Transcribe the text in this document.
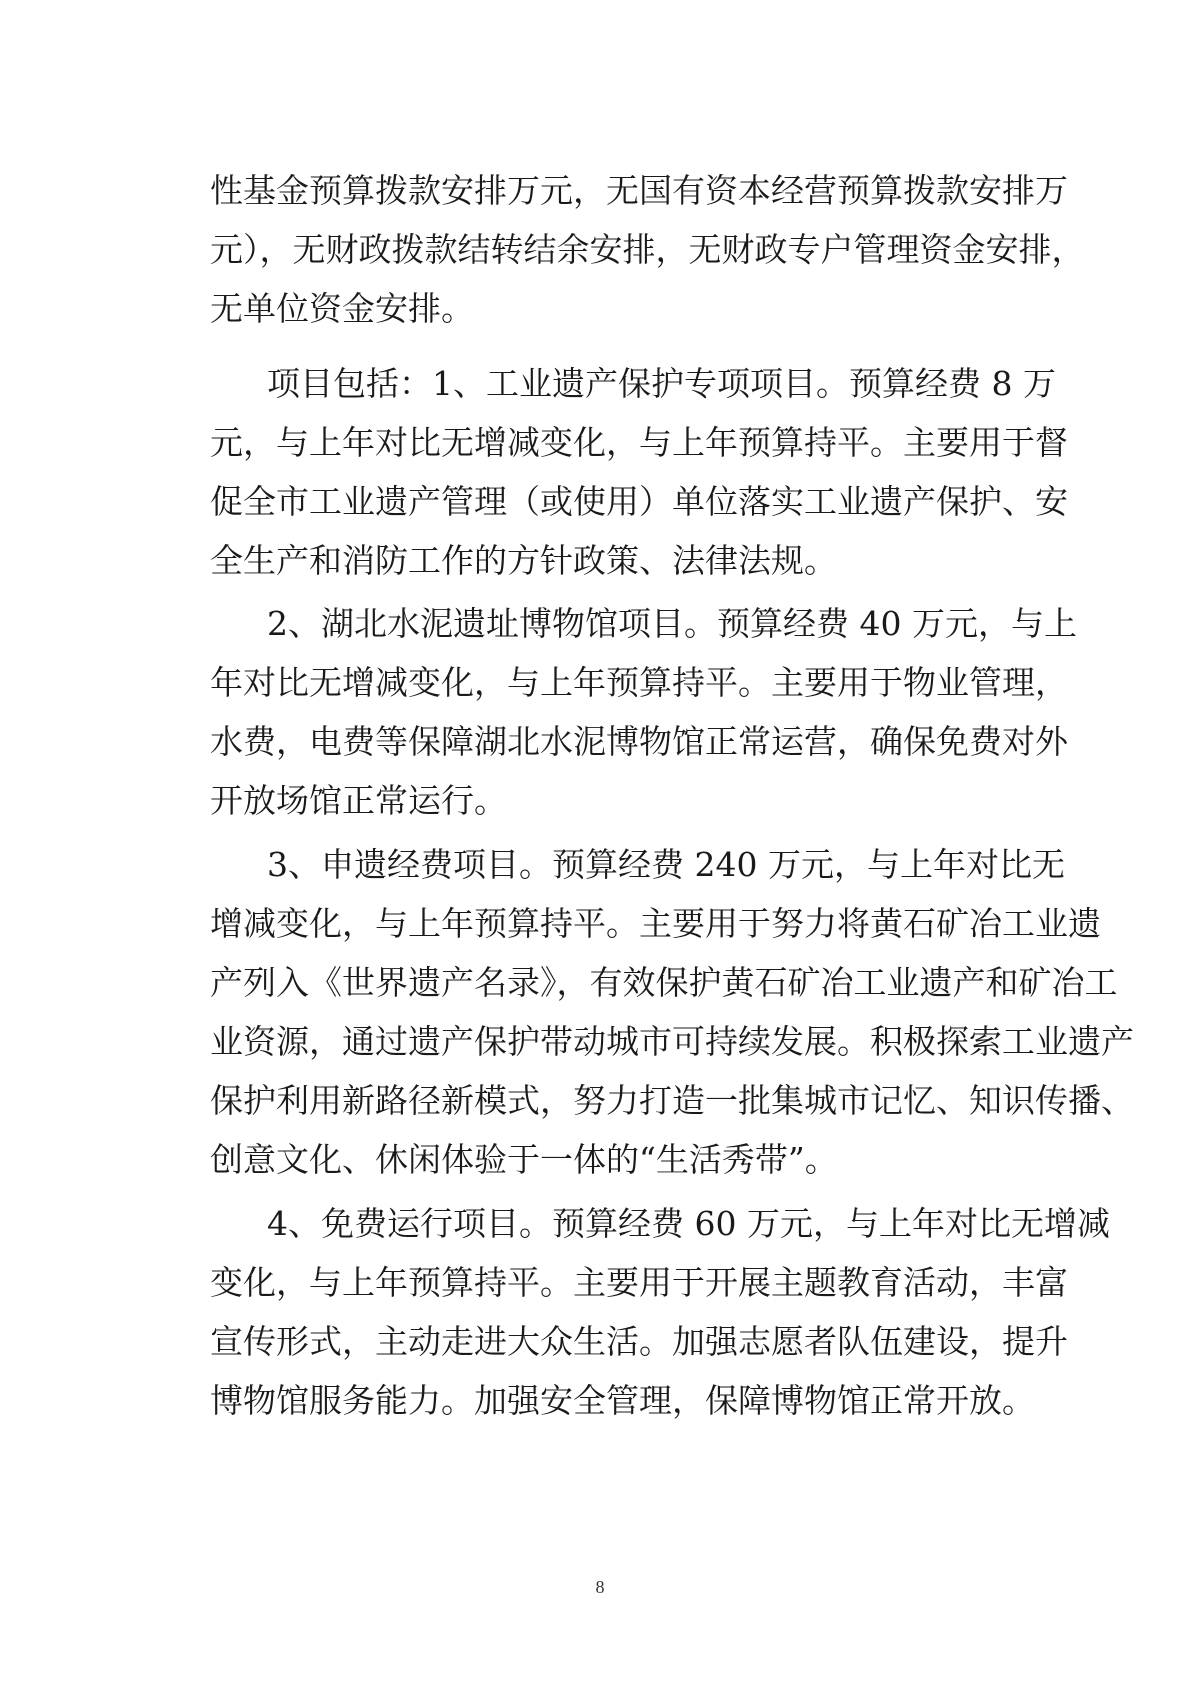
性基金预算拨款安排万元，无国有资本经营预算拨款安排万
元），无财政拨款结转结余安排，无财政专户管理资金安排，
无单位资金安排。
项目包括：1、工业遗产保护专项项目。预算经费 8 万
元，与上年对比无增减变化，与上年预算持平。主要用于督
促全市工业遗产管理（或使用）单位落实工业遗产保护、安
全生产和消防工作的方针政策、法律法规。
2、湖北水泥遗址博物馆项目。预算经费 40 万元，与上
年对比无增减变化，与上年预算持平。主要用于物业管理，
水费，电费等保障湖北水泥博物馆正常运营，确保免费对外
开放场馆正常运行。
3、申遗经费项目。预算经费 240 万元，与上年对比无
增减变化，与上年预算持平。主要用于努力将黄石矿冶工业遗
产列入《世界遗产名录》，有效保护黄石矿冶工业遗产和矿冶工
业资源，通过遗产保护带动城市可持续发展。积极探索工业遗产
保护利用新路径新模式，努力打造一批集城市记忆、知识传播、
创意文化、休闲体验于一体的“生活秀带”。
4、免费运行项目。预算经费 60 万元，与上年对比无增减
变化，与上年预算持平。主要用于开展主题教育活动，丰富
宣传形式，主动走进大众生活。加强志愿者队伍建设，提升
博物馆服务能力。加强安全管理，保障博物馆正常开放。
8
